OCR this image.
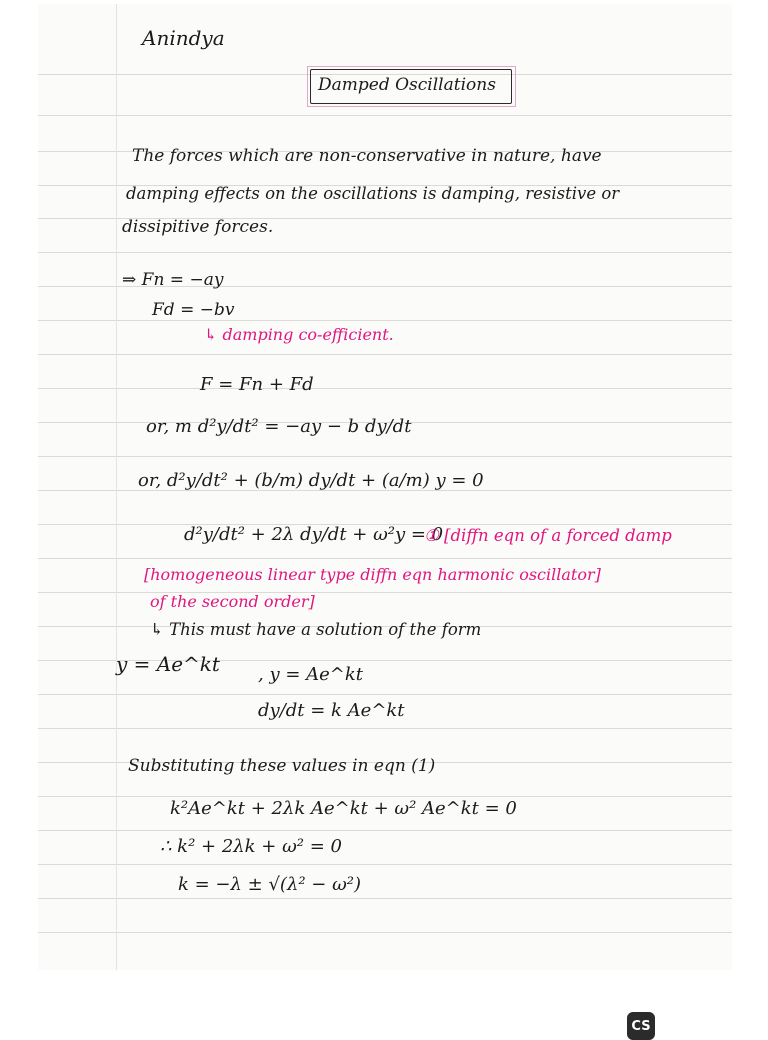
Anindya
Damped Oscillations
The forces which are non-conservative in nature, have
damping effects on the oscillations is damping, resistive or
dissipitive forces.
⇒ Fn = −ay
Fd = −bv
↳ damping co-efficient.
F = Fn + Fd
or, m d²y/dt² = −ay − b dy/dt
or, d²y/dt² + (b/m) dy/dt + (a/m) y = 0
d²y/dt² + 2λ dy/dt + ω²y = 0
① [diffn eqn of a forced damp
[homogeneous linear type diffn eqn harmonic oscillator]
of the second order]
↳ This must have a solution of the form
y = Ae^kt , y = Ae^kt
dy/dt = k Ae^kt
Substituting these values in eqn (1)
k²Ae^kt + 2λk Ae^kt + ω² Ae^kt = 0
∴ k² + 2λk + ω² = 0
k = −λ ± √(λ² − ω²)
CS
